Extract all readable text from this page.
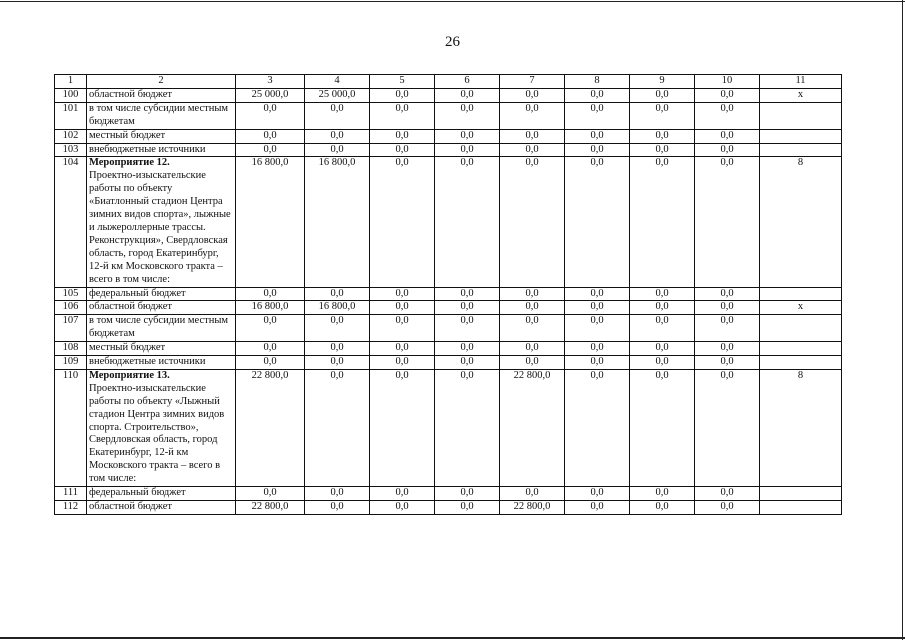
26
1	2	3	4	5	6	7	8	9	10	11
100	областной бюджет	25 000,0	25 000,0	0,0	0,0	0,0	0,0	0,0	0,0	х
101	в том числе субсидии местным бюджетам	0,0	0,0	0,0	0,0	0,0	0,0	0,0	0,0	
102	местный бюджет	0,0	0,0	0,0	0,0	0,0	0,0	0,0	0,0	
103	внебюджетные источники	0,0	0,0	0,0	0,0	0,0	0,0	0,0	0,0	
104	Мероприятие 12.
Проектно-изыскательские работы по объекту «Биатлонный стадион Центра зимних видов спорта», лыжные и лыжероллерные трассы. Реконструкция», Свердловская область, город Екатеринбург, 12-й км Московского тракта – всего в том числе:	16 800,0	16 800,0	0,0	0,0	0,0	0,0	0,0	0,0	8
105	федеральный бюджет	0,0	0,0	0,0	0,0	0,0	0,0	0,0	0,0	
106	областной бюджет	16 800,0	16 800,0	0,0	0,0	0,0	0,0	0,0	0,0	х
107	в том числе субсидии местным бюджетам	0,0	0,0	0,0	0,0	0,0	0,0	0,0	0,0	
108	местный бюджет	0,0	0,0	0,0	0,0	0,0	0,0	0,0	0,0	
109	внебюджетные источники	0,0	0,0	0,0	0,0	0,0	0,0	0,0	0,0	
110	Мероприятие 13.
Проектно-изыскательские работы по объекту «Лыжный стадион Центра зимних видов спорта. Строительство», Свердловская область, город Екатеринбург, 12-й км Московского тракта – всего в том числе:	22 800,0	0,0	0,0	0,0	22 800,0	0,0	0,0	0,0	8
111	федеральный бюджет	0,0	0,0	0,0	0,0	0,0	0,0	0,0	0,0	
112	областной бюджет	22 800,0	0,0	0,0	0,0	22 800,0	0,0	0,0	0,0	
